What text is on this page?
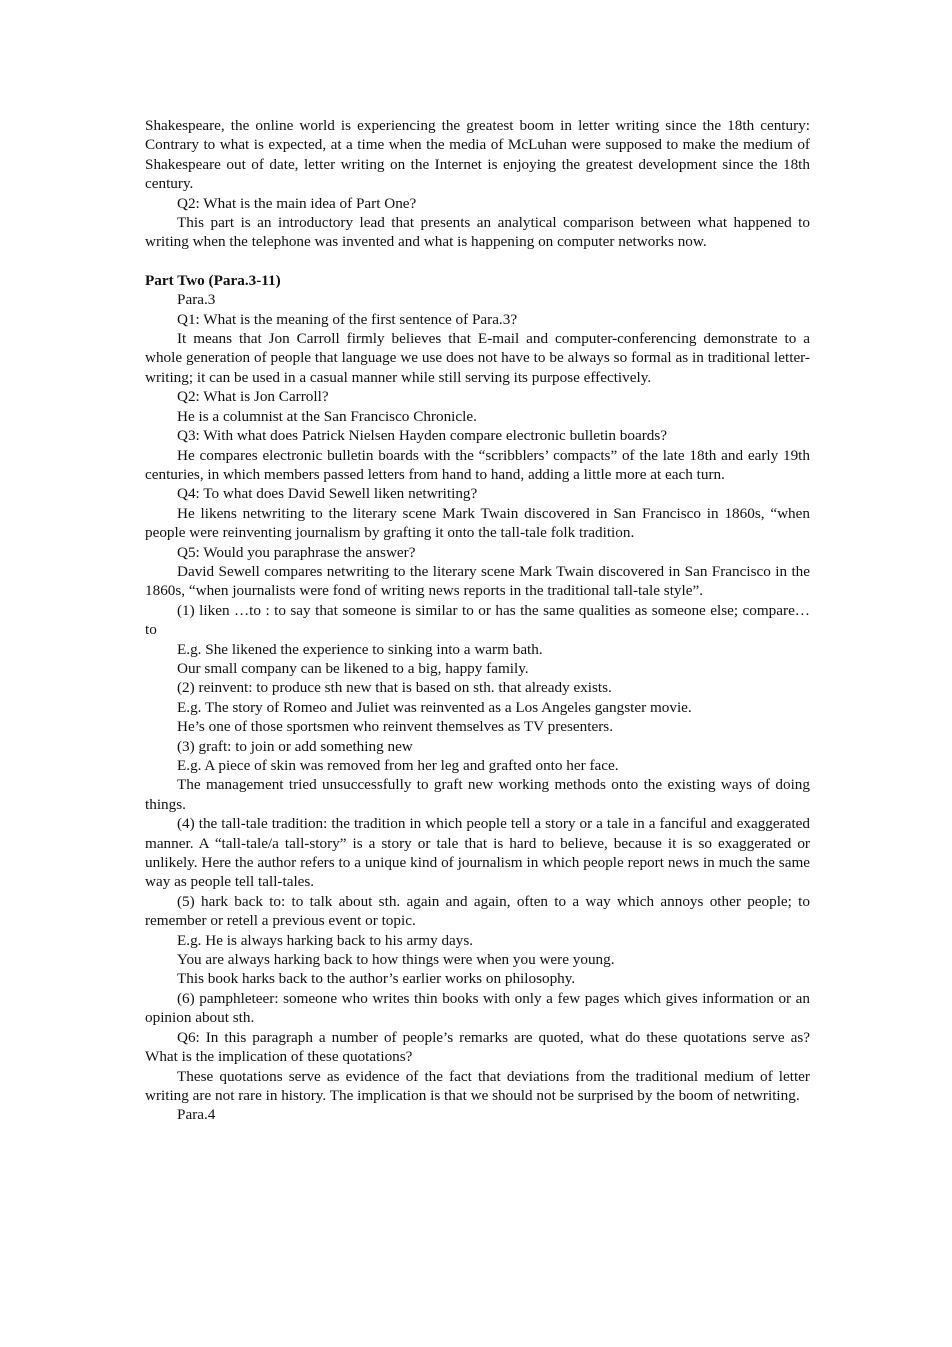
Shakespeare, the online world is experiencing the greatest boom in letter writing since the 18th century: Contrary to what is expected, at a time when the media of McLuhan were supposed to make the medium of Shakespeare out of date, letter writing on the Internet is enjoying the greatest development since the 18th century.

Q2: What is the main idea of Part One?

This part is an introductory lead that presents an analytical comparison between what happened to writing when the telephone was invented and what is happening on computer networks now.

Part Two (Para.3-11)

Para.3

Q1: What is the meaning of the first sentence of Para.3?

It means that Jon Carroll firmly believes that E-mail and computer-conferencing demonstrate to a whole generation of people that language we use does not have to be always so formal as in traditional letter-writing; it can be used in a casual manner while still serving its purpose effectively.

Q2: What is Jon Carroll?

He is a columnist at the San Francisco Chronicle.

Q3: With what does Patrick Nielsen Hayden compare electronic bulletin boards?

He compares electronic bulletin boards with the “scribblers’ compacts” of the late 18th and early 19th centuries, in which members passed letters from hand to hand, adding a little more at each turn.

Q4: To what does David Sewell liken netwriting?

He likens netwriting to the literary scene Mark Twain discovered in San Francisco in 1860s, “when people were reinventing journalism by grafting it onto the tall-tale folk tradition.

Q5: Would you paraphrase the answer?

David Sewell compares netwriting to the literary scene Mark Twain discovered in San Francisco in the 1860s, “when journalists were fond of writing news reports in the traditional tall-tale style”.

(1) liken …to : to say that someone is similar to or has the same qualities as someone else; compare… to

E.g. She likened the experience to sinking into a warm bath.

Our small company can be likened to a big, happy family.

(2) reinvent: to produce sth new that is based on sth. that already exists.

E.g. The story of Romeo and Juliet was reinvented as a Los Angeles gangster movie.

He’s one of those sportsmen who reinvent themselves as TV presenters.

(3) graft: to join or add something new

E.g. A piece of skin was removed from her leg and grafted onto her face.

The management tried unsuccessfully to graft new working methods onto the existing ways of doing things.

(4) the tall-tale tradition: the tradition in which people tell a story or a tale in a fanciful and exaggerated manner. A “tall-tale/a tall-story” is a story or tale that is hard to believe, because it is so exaggerated or unlikely. Here the author refers to a unique kind of journalism in which people report news in much the same way as people tell tall-tales.

(5) hark back to: to talk about sth. again and again, often to a way which annoys other people; to remember or retell a previous event or topic.

E.g. He is always harking back to his army days.

You are always harking back to how things were when you were young.

This book harks back to the author’s earlier works on philosophy.

(6) pamphleteer: someone who writes thin books with only a few pages which gives information or an opinion about sth.

Q6: In this paragraph a number of people’s remarks are quoted, what do these quotations serve as? What is the implication of these quotations?

These quotations serve as evidence of the fact that deviations from the traditional medium of letter writing are not rare in history. The implication is that we should not be surprised by the boom of netwriting.

Para.4
